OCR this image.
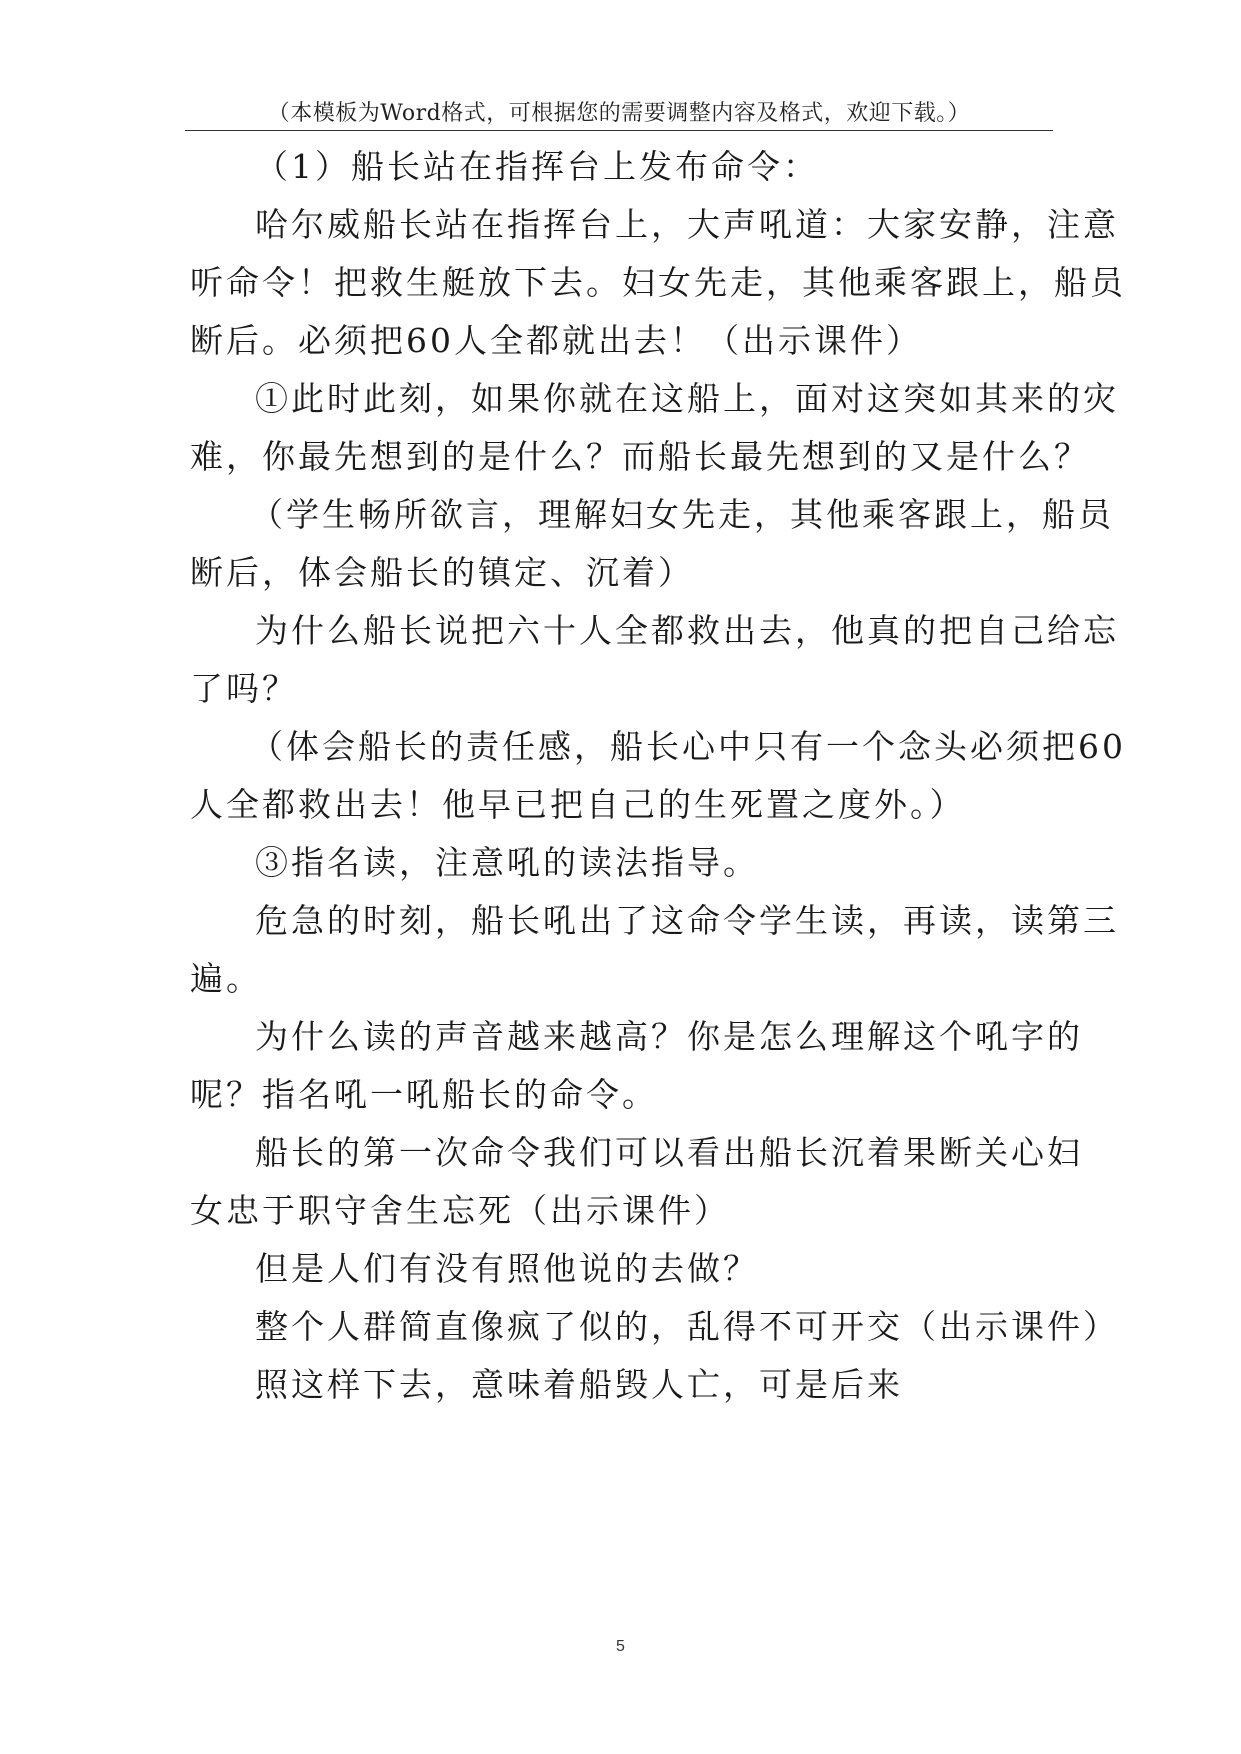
（本模板为Word格式，可根据您的需要调整内容及格式，欢迎下载。）
（1）船长站在指挥台上发布命令：
哈尔威船长站在指挥台上，大声吼道：大家安静，注意
听命令！把救生艇放下去。妇女先走，其他乘客跟上，船员
断后。必须把60人全都就出去！（出示课件）
①此时此刻，如果你就在这船上，面对这突如其来的灾
难，你最先想到的是什么？而船长最先想到的又是什么？
（学生畅所欲言，理解妇女先走，其他乘客跟上，船员
断后，体会船长的镇定、沉着）
为什么船长说把六十人全都救出去，他真的把自己给忘
了吗？
（体会船长的责任感，船长心中只有一个念头必须把60
人全都救出去！他早已把自己的生死置之度外。）
③指名读，注意吼的读法指导。
危急的时刻，船长吼出了这命令学生读，再读，读第三
遍。
为什么读的声音越来越高？你是怎么理解这个吼字的
呢？指名吼一吼船长的命令。
船长的第一次命令我们可以看出船长沉着果断关心妇
女忠于职守舍生忘死（出示课件）
但是人们有没有照他说的去做？
整个人群简直像疯了似的，乱得不可开交（出示课件）
照这样下去，意味着船毁人亡，可是后来
5
